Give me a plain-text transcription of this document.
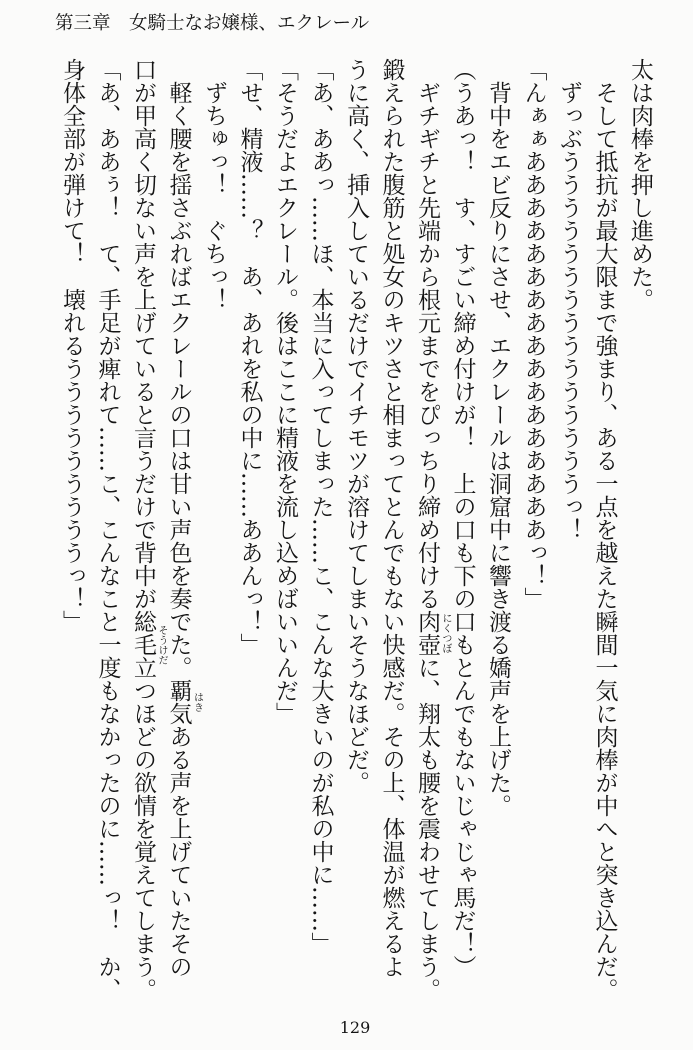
第三章　女騎士なお嬢様、エクレール
太は肉棒を押し進めた。
　そして抵抗が最大限まで強まり、ある一点を越えた瞬間一気に肉棒が中へと突き込んだ。
　ずっぶうううううううううううううううっ！
「んぁぁあああああああああああああああああっ！」
　背中をエビ反りにさせ、エクレールは洞窟中に響き渡る嬌声を上げた。
（うあっ！　す、すごい締め付けが！　上の口も下の口もとんでもないじゃじゃ馬だ！）
　ギチギチと先端から根元までをぴっちり締め付ける肉壺 にくつぼ
に、翔太も腰を震わせてしまう。
鍛えられた腹筋と処女のキツさと相まってとんでもない快感だ。その上、体温が燃えるよ
うに高く、挿入しているだけでイチモツが溶けてしまいそうなほどだ。
「あ、ああっ……ほ、本当に入ってしまった……こ、こんな大きいのが私の中に……」
「そうだよエクレール。後はここに精液を流し込めばいいんだ」
「せ、精液……？　あ、あれを私の中に……ああんっ！」
　ずちゅっ！　ぐちっ！
　軽く腰を揺さぶればエクレールの口は甘い声色を奏でた。覇気 はき
ある声を上げていたその
口が甲高く切ない声を上げていると言うだけで背中が総毛立 そうけだ
つほどの欲情を覚えてしまう。
「あ、ああぅ！　て、手足が痺れて……こ、こんなこと一度もなかったのに……っ！　か、
身体全部が弾けて！　壊れるうううううううううっ！」
129
